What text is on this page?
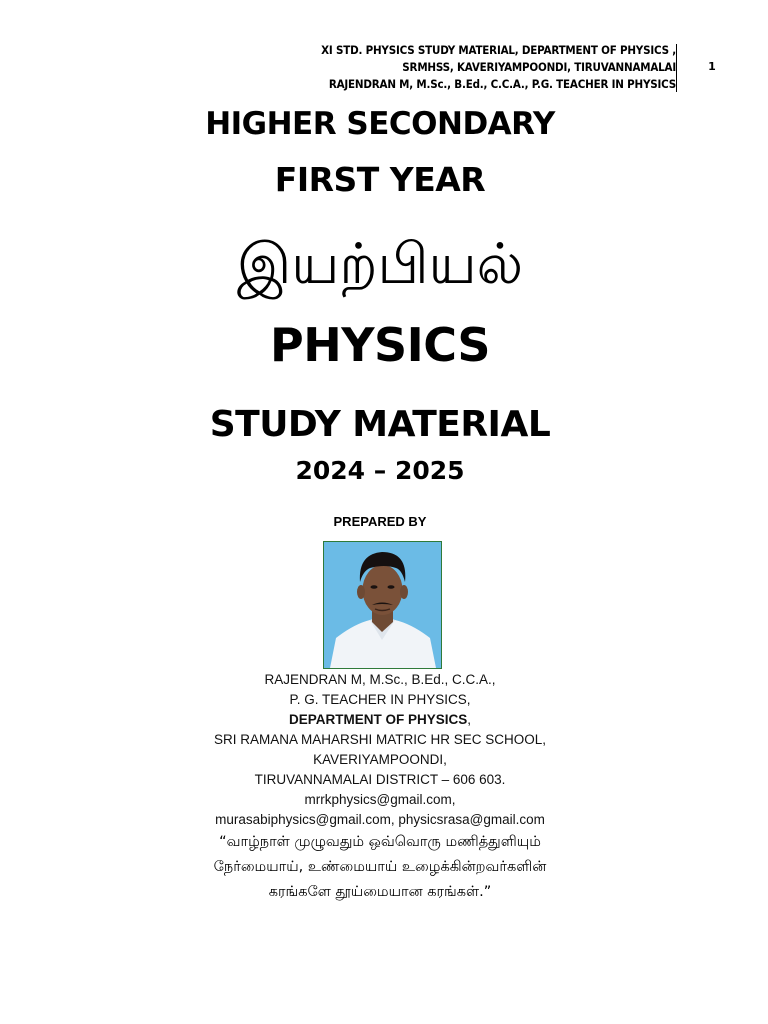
XI STD. PHYSICS STUDY MATERIAL, DEPARTMENT OF PHYSICS ,
SRMHSS, KAVERIYAMPOONDI, TIRUVANNAMALAI
RAJENDRAN M, M.Sc., B.Ed., C.C.A., P.G. TEACHER IN PHYSICS
1
HIGHER SECONDARY
FIRST YEAR
இயற்பியல்
PHYSICS
STUDY MATERIAL
2024 – 2025
PREPARED BY
RAJENDRAN M, M.Sc., B.Ed., C.C.A.,
P. G. TEACHER IN PHYSICS,
DEPARTMENT OF PHYSICS,
SRI RAMANA MAHARSHI MATRIC HR SEC SCHOOL,
KAVERIYAMPOONDI,
TIRUVANNAMALAI DISTRICT – 606 603.
mrrkphysics@gmail.com,
murasabiphysics@gmail.com, physicsrasa@gmail.com
“வாழ்நாள் முழுவதும் ஒவ்வொரு மணித்துளியும்
நேர்மையாய், உண்மையாய் உழைக்கின்றவர்களின்
கரங்களே தூய்மையான கரங்கள்.”
